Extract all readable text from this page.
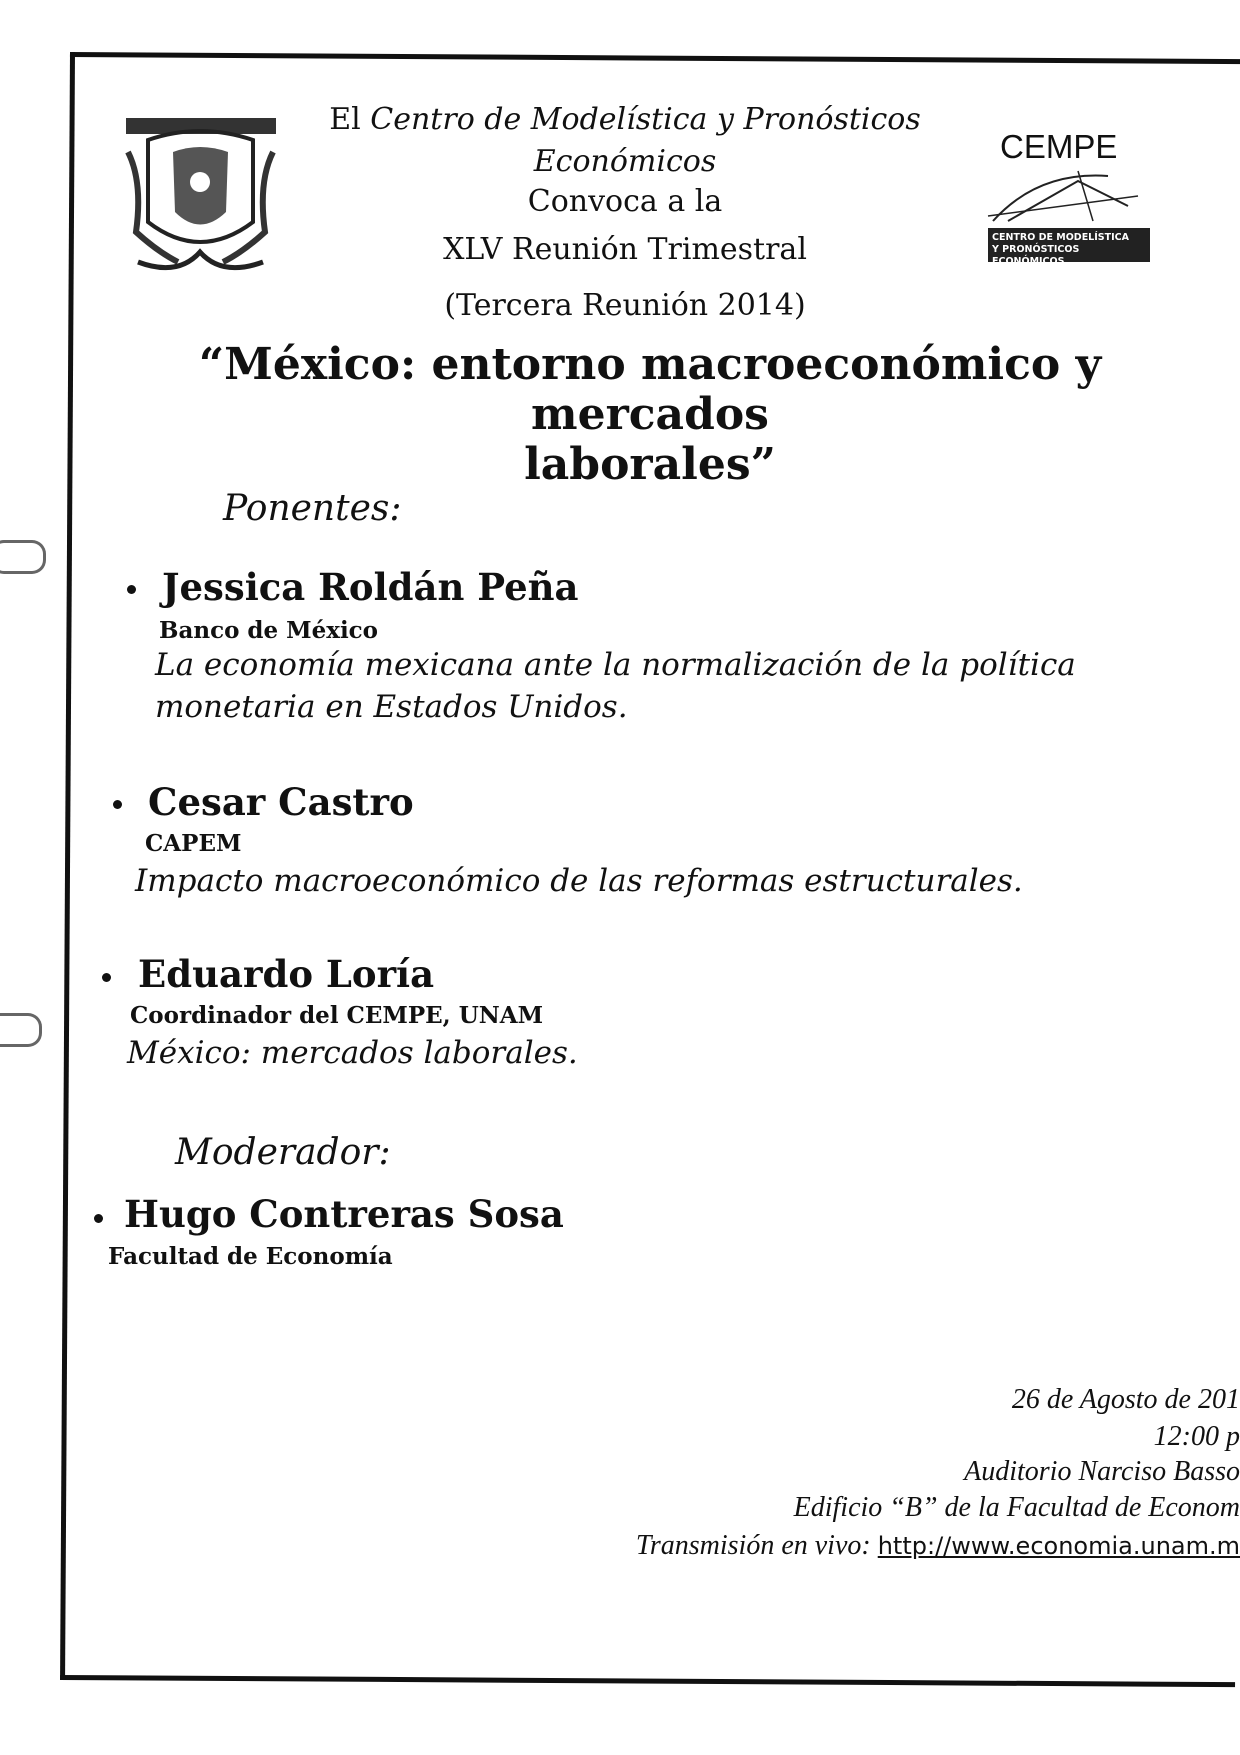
El Centro de Modelística y Pronósticos
Económicos
Convoca a la
XLV Reunión Trimestral
(Tercera Reunión 2014)
CEMPE
CENTRO DE MODELÍSTICA
Y PRONÓSTICOS ECONÓMICOS
“México: entorno macroeconómico y mercados
laborales”
Ponentes:
Jessica Roldán Peña
Banco de México
La economía mexicana ante la normalización de la política
monetaria en Estados Unidos.
Cesar Castro
CAPEM
Impacto macroeconómico de las reformas estructurales.
Eduardo Loría
Coordinador del CEMPE, UNAM
México: mercados laborales.
Moderador:
Hugo Contreras Sosa
Facultad de Economía
26 de Agosto de 201
12:00 p
Auditorio Narciso Basso
Edificio “B” de la Facultad de Econom
Transmisión en vivo: http://www.economia.unam.m
